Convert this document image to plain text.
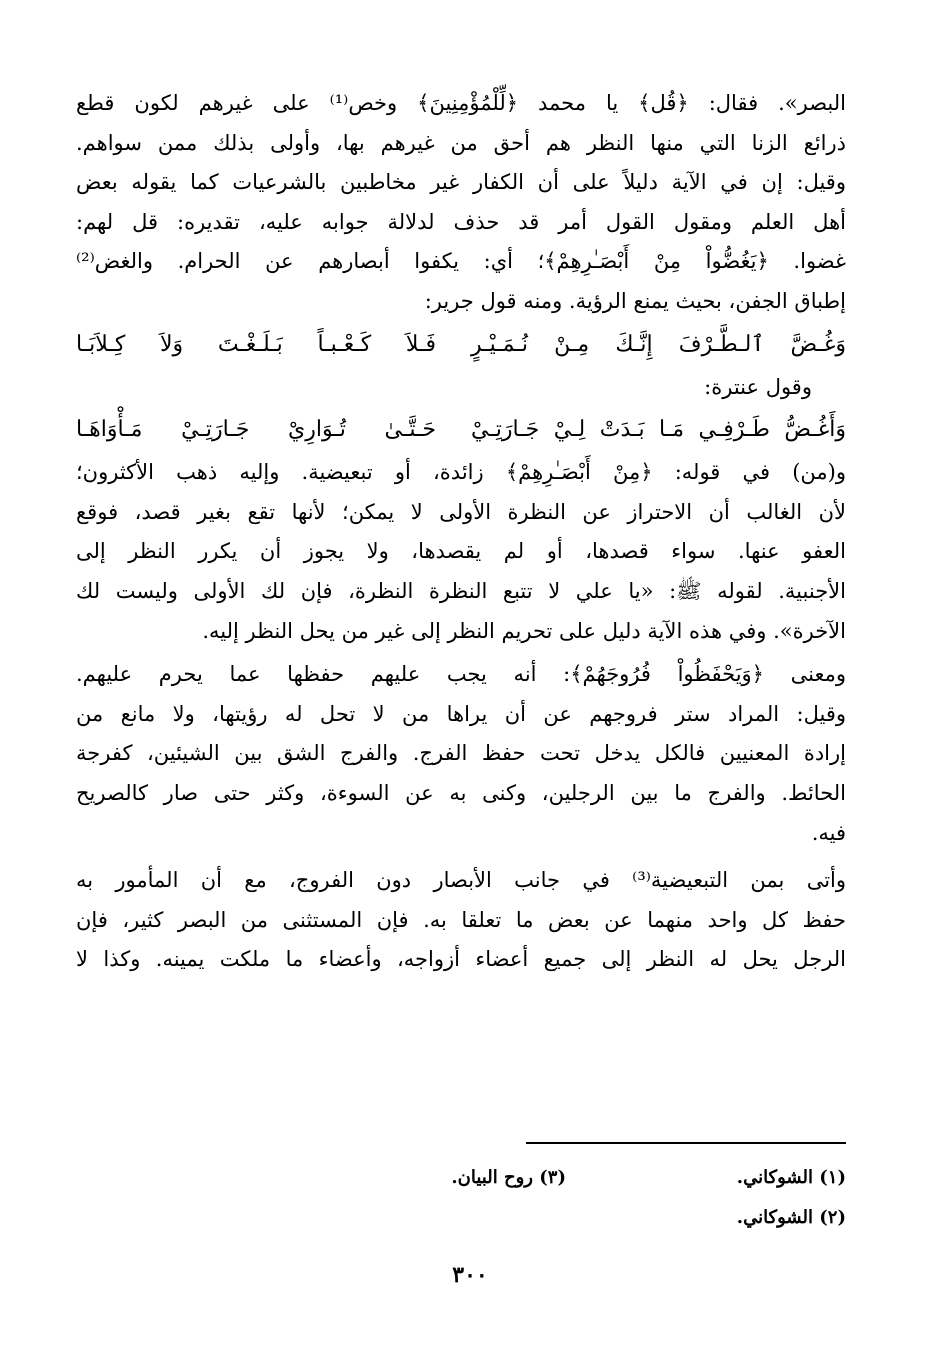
البصر». فقال: ﴿قُل﴾ يا محمد ﴿لِّلْمُؤْمِنِينَ﴾ وخص⁽¹⁾ على غيرهم لكون قطع
ذرائع الزنا التي منها النظر هم أحق من غيرهم بها، وأولى بذلك ممن سواهم.
وقيل: إن في الآية دليلاً على أن الكفار غير مخاطبين بالشرعيات كما يقوله بعض
أهل العلم ومقول القول أمر قد حذف لدلالة جوابه عليه، تقديره: قل لهم:
غضوا. ﴿يَغُضُّواْ مِنْ أَبْصَـٰرِهِمْ﴾؛ أي: يكفوا أبصارهم عن الحرام. والغض⁽²⁾
إطباق الجفن، بحيث يمنع الرؤية. ومنه قول جرير:
وَغُـضَّ ٱلـطَّـرْفَ إِنَّـكَ مِـنْ نُـمَـيْـرٍ
فَـلاَ كَـعْـبـاً بَـلَـغْـتَ وَلاَ كِـلاَبَـا
وقول عنترة:
وَأَغُـضُّ طَـرْفِـي مَـا بَـدَتْ لِـيْ جَـارَتِـيْ
حَـتَّـىٰ تُـوَارِيْ جَـارَتِـيْ مَـأْوَاهَـا
و(من) في قوله: ﴿مِنْ أَبْصَـٰرِهِمْ﴾ زائدة، أو تبعيضية. وإليه ذهب الأكثرون؛
لأن الغالب أن الاحتراز عن النظرة الأولى لا يمكن؛ لأنها تقع بغير قصد، فوقع
العفو عنها. سواء قصدها، أو لم يقصدها، ولا يجوز أن يكرر النظر إلى
الأجنبية. لقوله ﷺ: «يا علي لا تتبع النظرة النظرة، فإن لك الأولى وليست لك
الآخرة». وفي هذه الآية دليل على تحريم النظر إلى غير من يحل النظر إليه.
ومعنى ﴿وَيَحْفَظُواْ فُرُوجَهُمْ﴾: أنه يجب عليهم حفظها عما يحرم عليهم.
وقيل: المراد ستر فروجهم عن أن يراها من لا تحل له رؤيتها، ولا مانع من
إرادة المعنيين فالكل يدخل تحت حفظ الفرج. والفرج الشق بين الشيئين، كفرجة
الحائط. والفرج ما بين الرجلين، وكنى به عن السوءة، وكثر حتى صار كالصريح
فيه.
وأتى بمن التبعيضية⁽³⁾ في جانب الأبصار دون الفروج، مع أن المأمور به
حفظ كل واحد منهما عن بعض ما تعلقا به. فإن المستثنى من البصر كثير، فإن
الرجل يحل له النظر إلى جميع أعضاء أزواجه، وأعضاء ما ملكت يمينه. وكذا لا
(١) الشوكاني.
(٣) روح البيان.
(٢) الشوكاني.
٣٠٠
